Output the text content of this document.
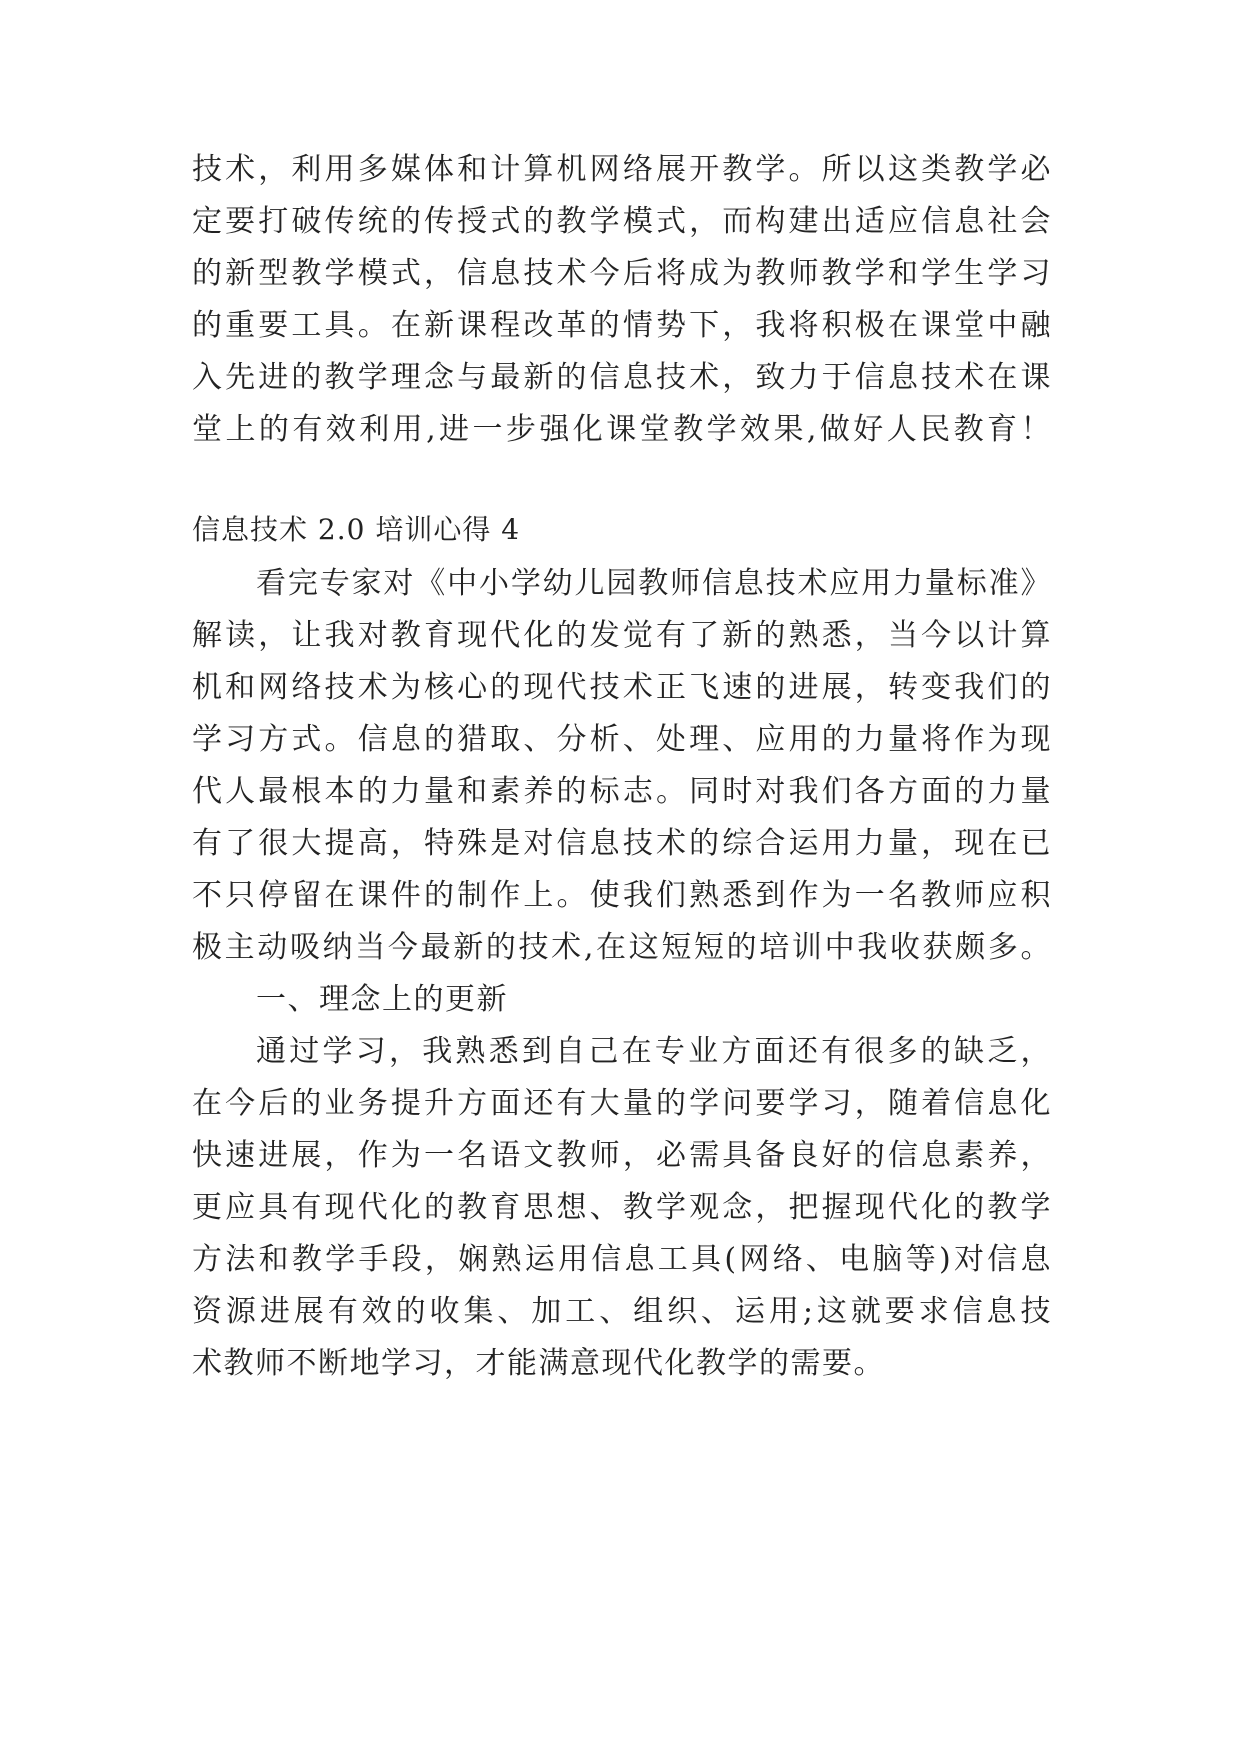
技术，利用多媒体和计算机网络展开教学。所以这类教学必
定要打破传统的传授式的教学模式，而构建出适应信息社会
的新型教学模式，信息技术今后将成为教师教学和学生学习
的重要工具。在新课程改革的情势下，我将积极在课堂中融
入先进的教学理念与最新的信息技术，致力于信息技术在课
堂上的有效利用,进一步强化课堂教学效果,做好人民教育！
信息技术 2.0 培训心得 4
看完专家对《中小学幼儿园教师信息技术应用力量标准》
解读，让我对教育现代化的发觉有了新的熟悉，当今以计算
机和网络技术为核心的现代技术正飞速的进展，转变我们的
学习方式。信息的猎取、分析、处理、应用的力量将作为现
代人最根本的力量和素养的标志。同时对我们各方面的力量
有了很大提高，特殊是对信息技术的综合运用力量，现在已
不只停留在课件的制作上。使我们熟悉到作为一名教师应积
极主动吸纳当今最新的技术,在这短短的培训中我收获颇多。
一、理念上的更新
通过学习，我熟悉到自己在专业方面还有很多的缺乏，
在今后的业务提升方面还有大量的学问要学习，随着信息化
快速进展，作为一名语文教师，必需具备良好的信息素养，
更应具有现代化的教育思想、教学观念，把握现代化的教学
方法和教学手段，娴熟运用信息工具(网络、电脑等)对信息
资源进展有效的收集、加工、组织、运用;这就要求信息技
术教师不断地学习，才能满意现代化教学的需要。
